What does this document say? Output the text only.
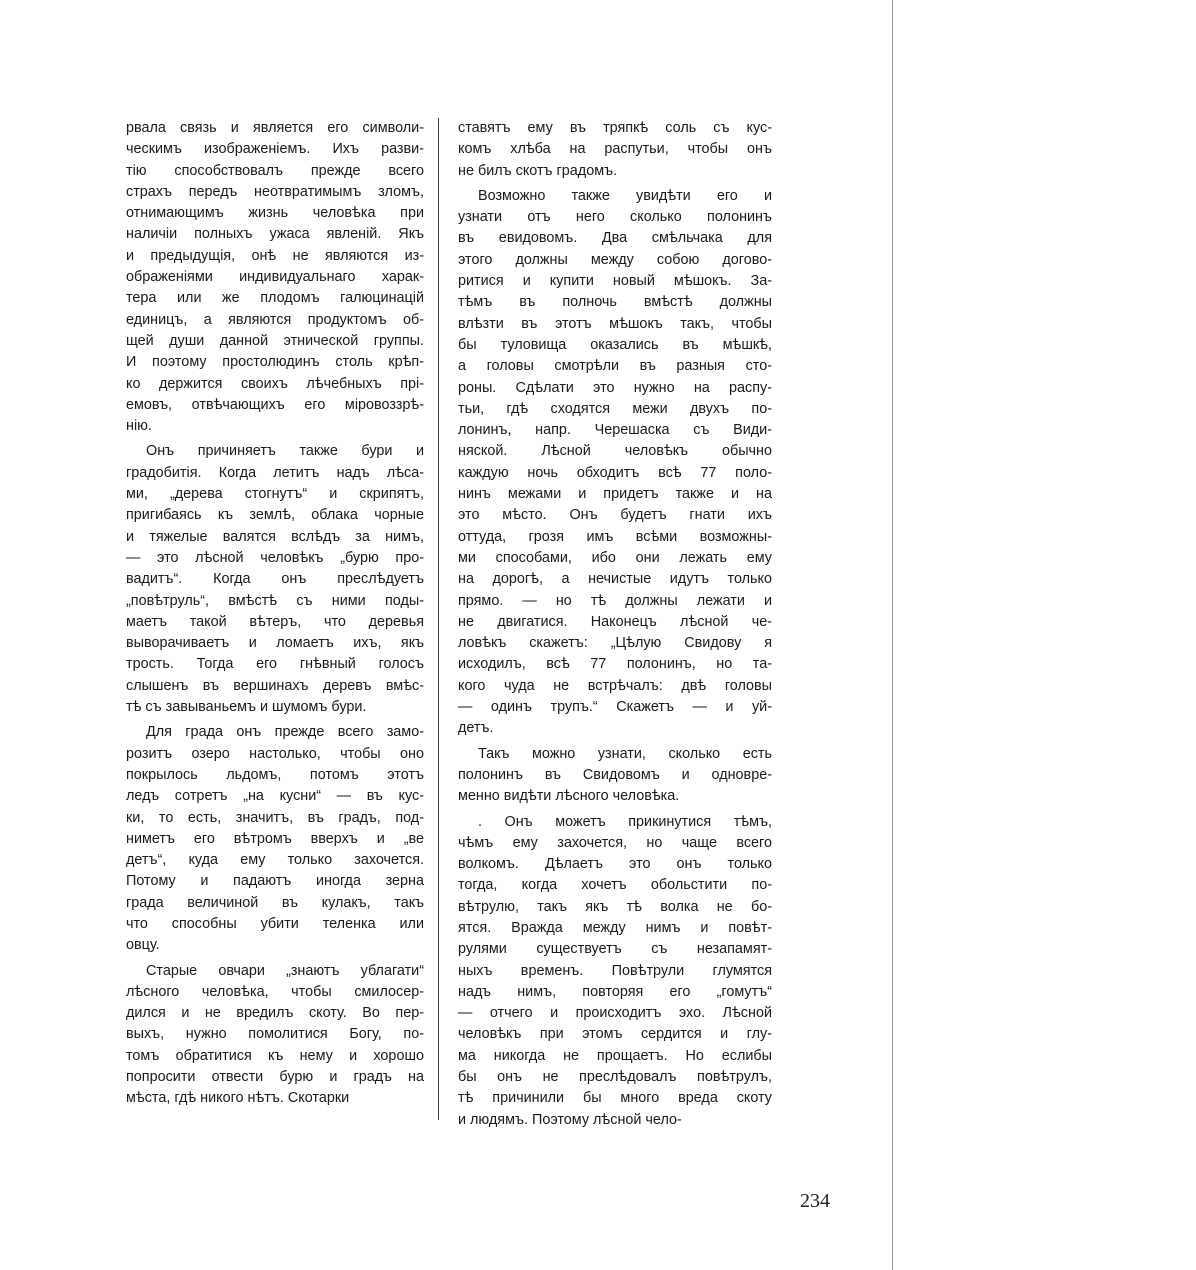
рвала связь и является его символи-
ческимъ изображеніемъ. Ихъ разви-
тію способствовалъ прежде всего
страхъ передъ неотвратимымъ зломъ,
отнимающимъ жизнь человѣка при
наличіи полныхъ ужаса явленій. Якъ
и предыдущія, онѣ не являются из-
ображеніями индивидуальнаго харак-
тера или же плодомъ галюцинацій
единицъ, а являются продуктомъ об-
щей души данной этнической группы.
И поэтому простолюдинъ столь крѣп-
ко держится своихъ лѣчебныхъ прі-
емовъ, отвѣчающихъ его міровоззрѣ-
нію.

Онъ причиняетъ также бури и
градобитія. Когда летитъ надъ лѣса-
ми, „дерева стогнутъ“ и скрипятъ,
пригибаясь къ землѣ, облака чорные
и тяжелые валятся вслѣдъ за нимъ,
— это лѣсной человѣкъ „бурю про-
вадитъ“. Когда онъ преслѣдуетъ
„повѣтруль“, вмѣстѣ съ ними поды-
маетъ такой вѣтеръ, что деревья
выворачиваетъ и ломаетъ ихъ, якъ
трость. Тогда его гнѣвный голосъ
слышенъ въ вершинахъ деревъ вмѣс-
тѣ съ завываньемъ и шумомъ бури.

Для града онъ прежде всего замо-
розитъ озеро настолько, чтобы оно
покрылось льдомъ, потомъ этотъ
ледъ сотретъ „на кусни“ — въ кус-
ки, то есть, значитъ, въ градъ, под-
ниметъ его вѣтромъ вверхъ и „ве
детъ“, куда ему только захочется.
Потому и падаютъ иногда зерна
града величиной въ кулакъ, такъ
что способны убити теленка или
овцу.

Старые овчари „знаютъ ублагати“
лѣсного человѣка, чтобы смилосер-
дился и не вредилъ скоту. Во пер-
выхъ, нужно помолитися Богу, по-
томъ обратитися къ нему и хорошо
попросити отвести бурю и градъ на
мѣста, гдѣ никого нѣтъ. Скотарки

ставятъ ему въ тряпкѣ соль съ кус-
комъ хлѣба на распутьи, чтобы онъ
не билъ скотъ градомъ.

Возможно также увидѣти его и
узнати отъ него сколько полонинъ
въ евидовомъ. Два смѣльчака для
этого должны между собою догово-
ритися и купити новый мѣшокъ. За-
тѣмъ въ полночь вмѣстѣ должны
влѣзти въ этотъ мѣшокъ такъ, чтобы
бы туловища оказались въ мѣшкѣ,
а головы смотрѣли въ разныя сто-
роны. Сдѣлати это нужно на распу-
тьи, гдѣ сходятся межи двухъ по-
лонинъ, напр. Черешаска съ Види-
няской. Лѣсной человѣкъ обычно
каждую ночь обходитъ всѣ 77 поло-
нинъ межами и придетъ также и на
это мѣсто. Онъ будетъ гнати ихъ
оттуда, грозя имъ всѣми возможны-
ми способами, ибо они лежать ему
на дорогѣ, а нечистые идутъ только
прямо. — но тѣ должны лежати и
не двигатися. Наконецъ лѣсной че-
ловѣкъ скажетъ: „Цѣлую Свидову я
исходилъ, всѣ 77 полонинъ, но та-
кого чуда не встрѣчалъ: двѣ головы
— одинъ трупъ.“ Скажетъ — и уй-
детъ.

Такъ можно узнати, сколько есть
полонинъ въ Свидовомъ и одновре-
менно видѣти лѣсного человѣка.

. Онъ можетъ прикинутися тѣмъ,
чѣмъ ему захочется, но чаще всего
волкомъ. Дѣлаетъ это онъ только
тогда, когда хочетъ обольстити по-
вѣтрулю, такъ якъ тѣ волка не бо-
ятся. Вражда между нимъ и повѣт-
рулями существуетъ съ незапамят-
ныхъ временъ. Повѣтрули глумятся
надъ нимъ, повторяя его „гомутъ“
— отчего и происходитъ эхо. Лѣсной
человѣкъ при этомъ сердится и глу-
ма никогда не прощаетъ. Но еслибы
бы онъ не преслѣдовалъ повѣтрулъ,
тѣ причинили бы много вреда скоту
и людямъ. Поэтому лѣсной чело-

234
